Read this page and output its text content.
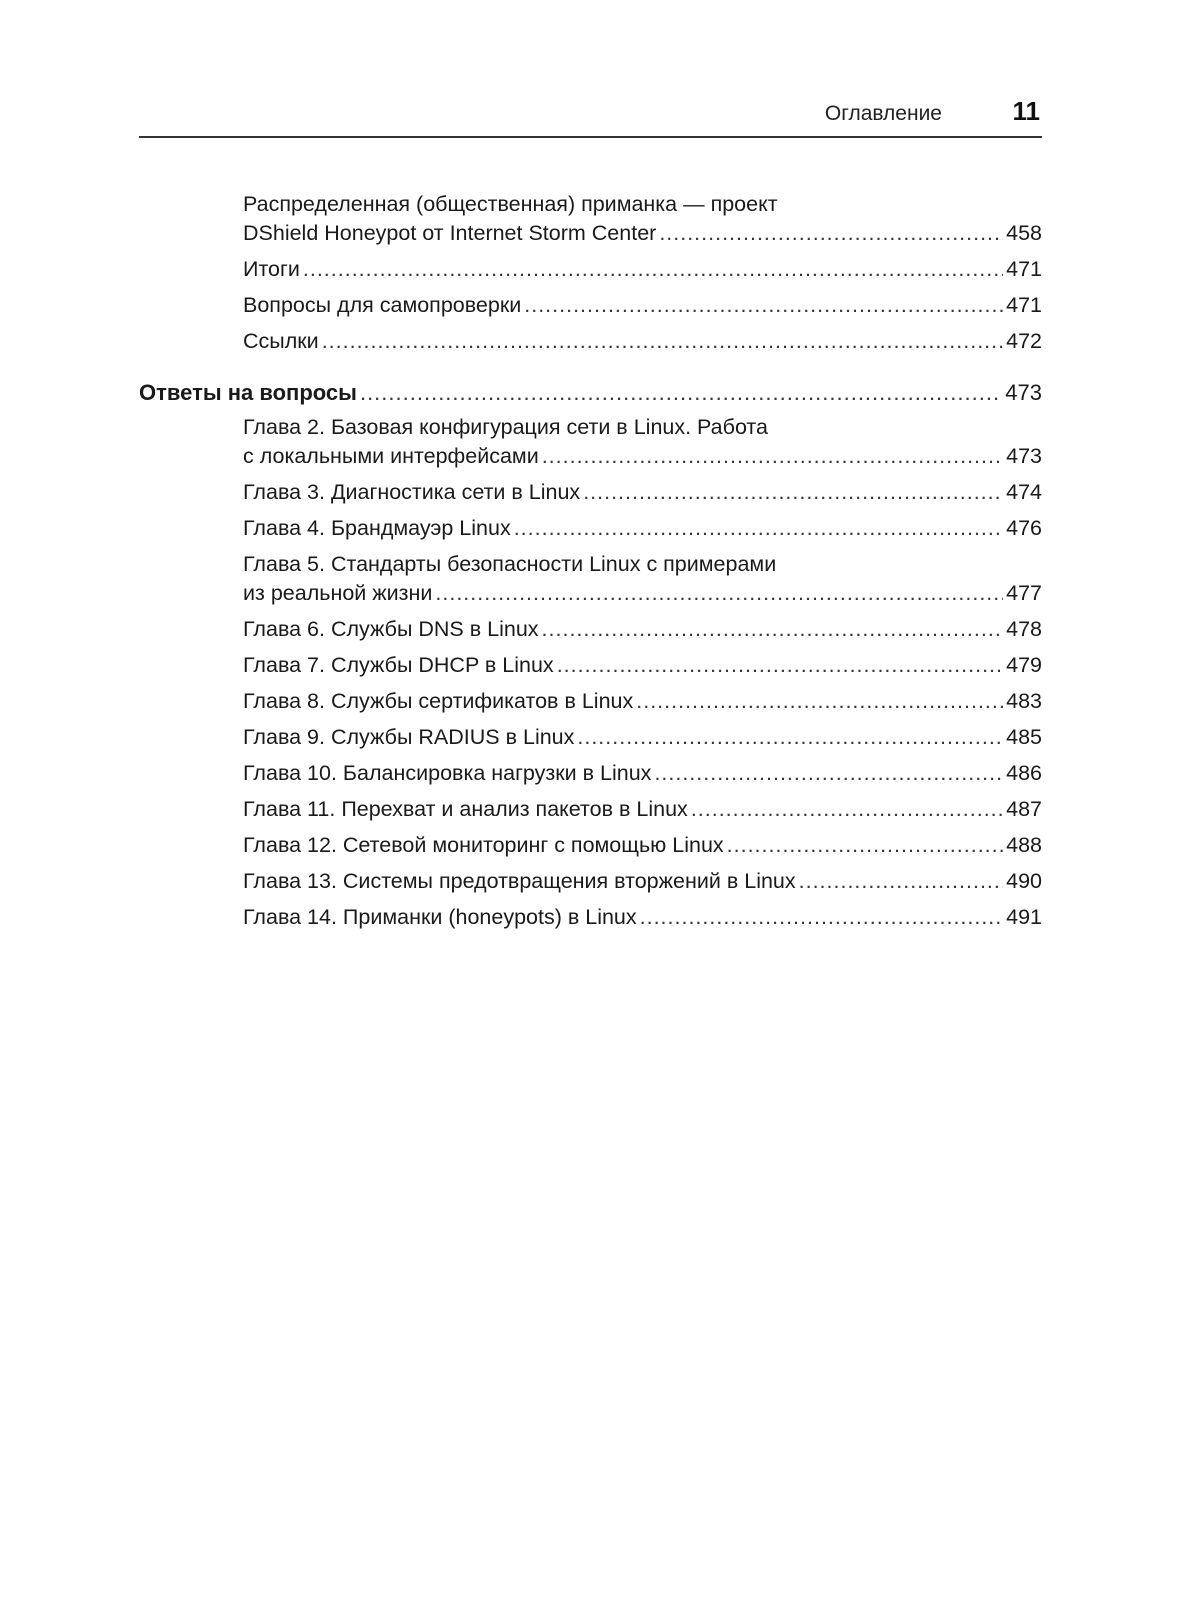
Оглавление	11
Распределенная (общественная) приманка — проект
DShield Honeypot от Internet Storm Center .....	458
Итоги .....	471
Вопросы для самопроверки .....	471
Ссылки .....	472
Ответы на вопросы .....	473
Глава 2. Базовая конфигурация сети в Linux. Работа
с локальными интерфейсами .....	473
Глава 3. Диагностика сети в Linux .....	474
Глава 4. Брандмауэр Linux .....	476
Глава 5. Стандарты безопасности Linux с примерами
из реальной жизни .....	477
Глава 6. Службы DNS в Linux .....	478
Глава 7. Службы DHCP в Linux .....	479
Глава 8. Службы сертификатов в Linux .....	483
Глава 9. Службы RADIUS в Linux .....	485
Глава 10. Балансировка нагрузки в Linux .....	486
Глава 11. Перехват и анализ пакетов в Linux .....	487
Глава 12. Сетевой мониторинг с помощью Linux .....	488
Глава 13. Системы предотвращения вторжений в Linux .....	490
Глава 14. Приманки (honeypots) в Linux .....	491
